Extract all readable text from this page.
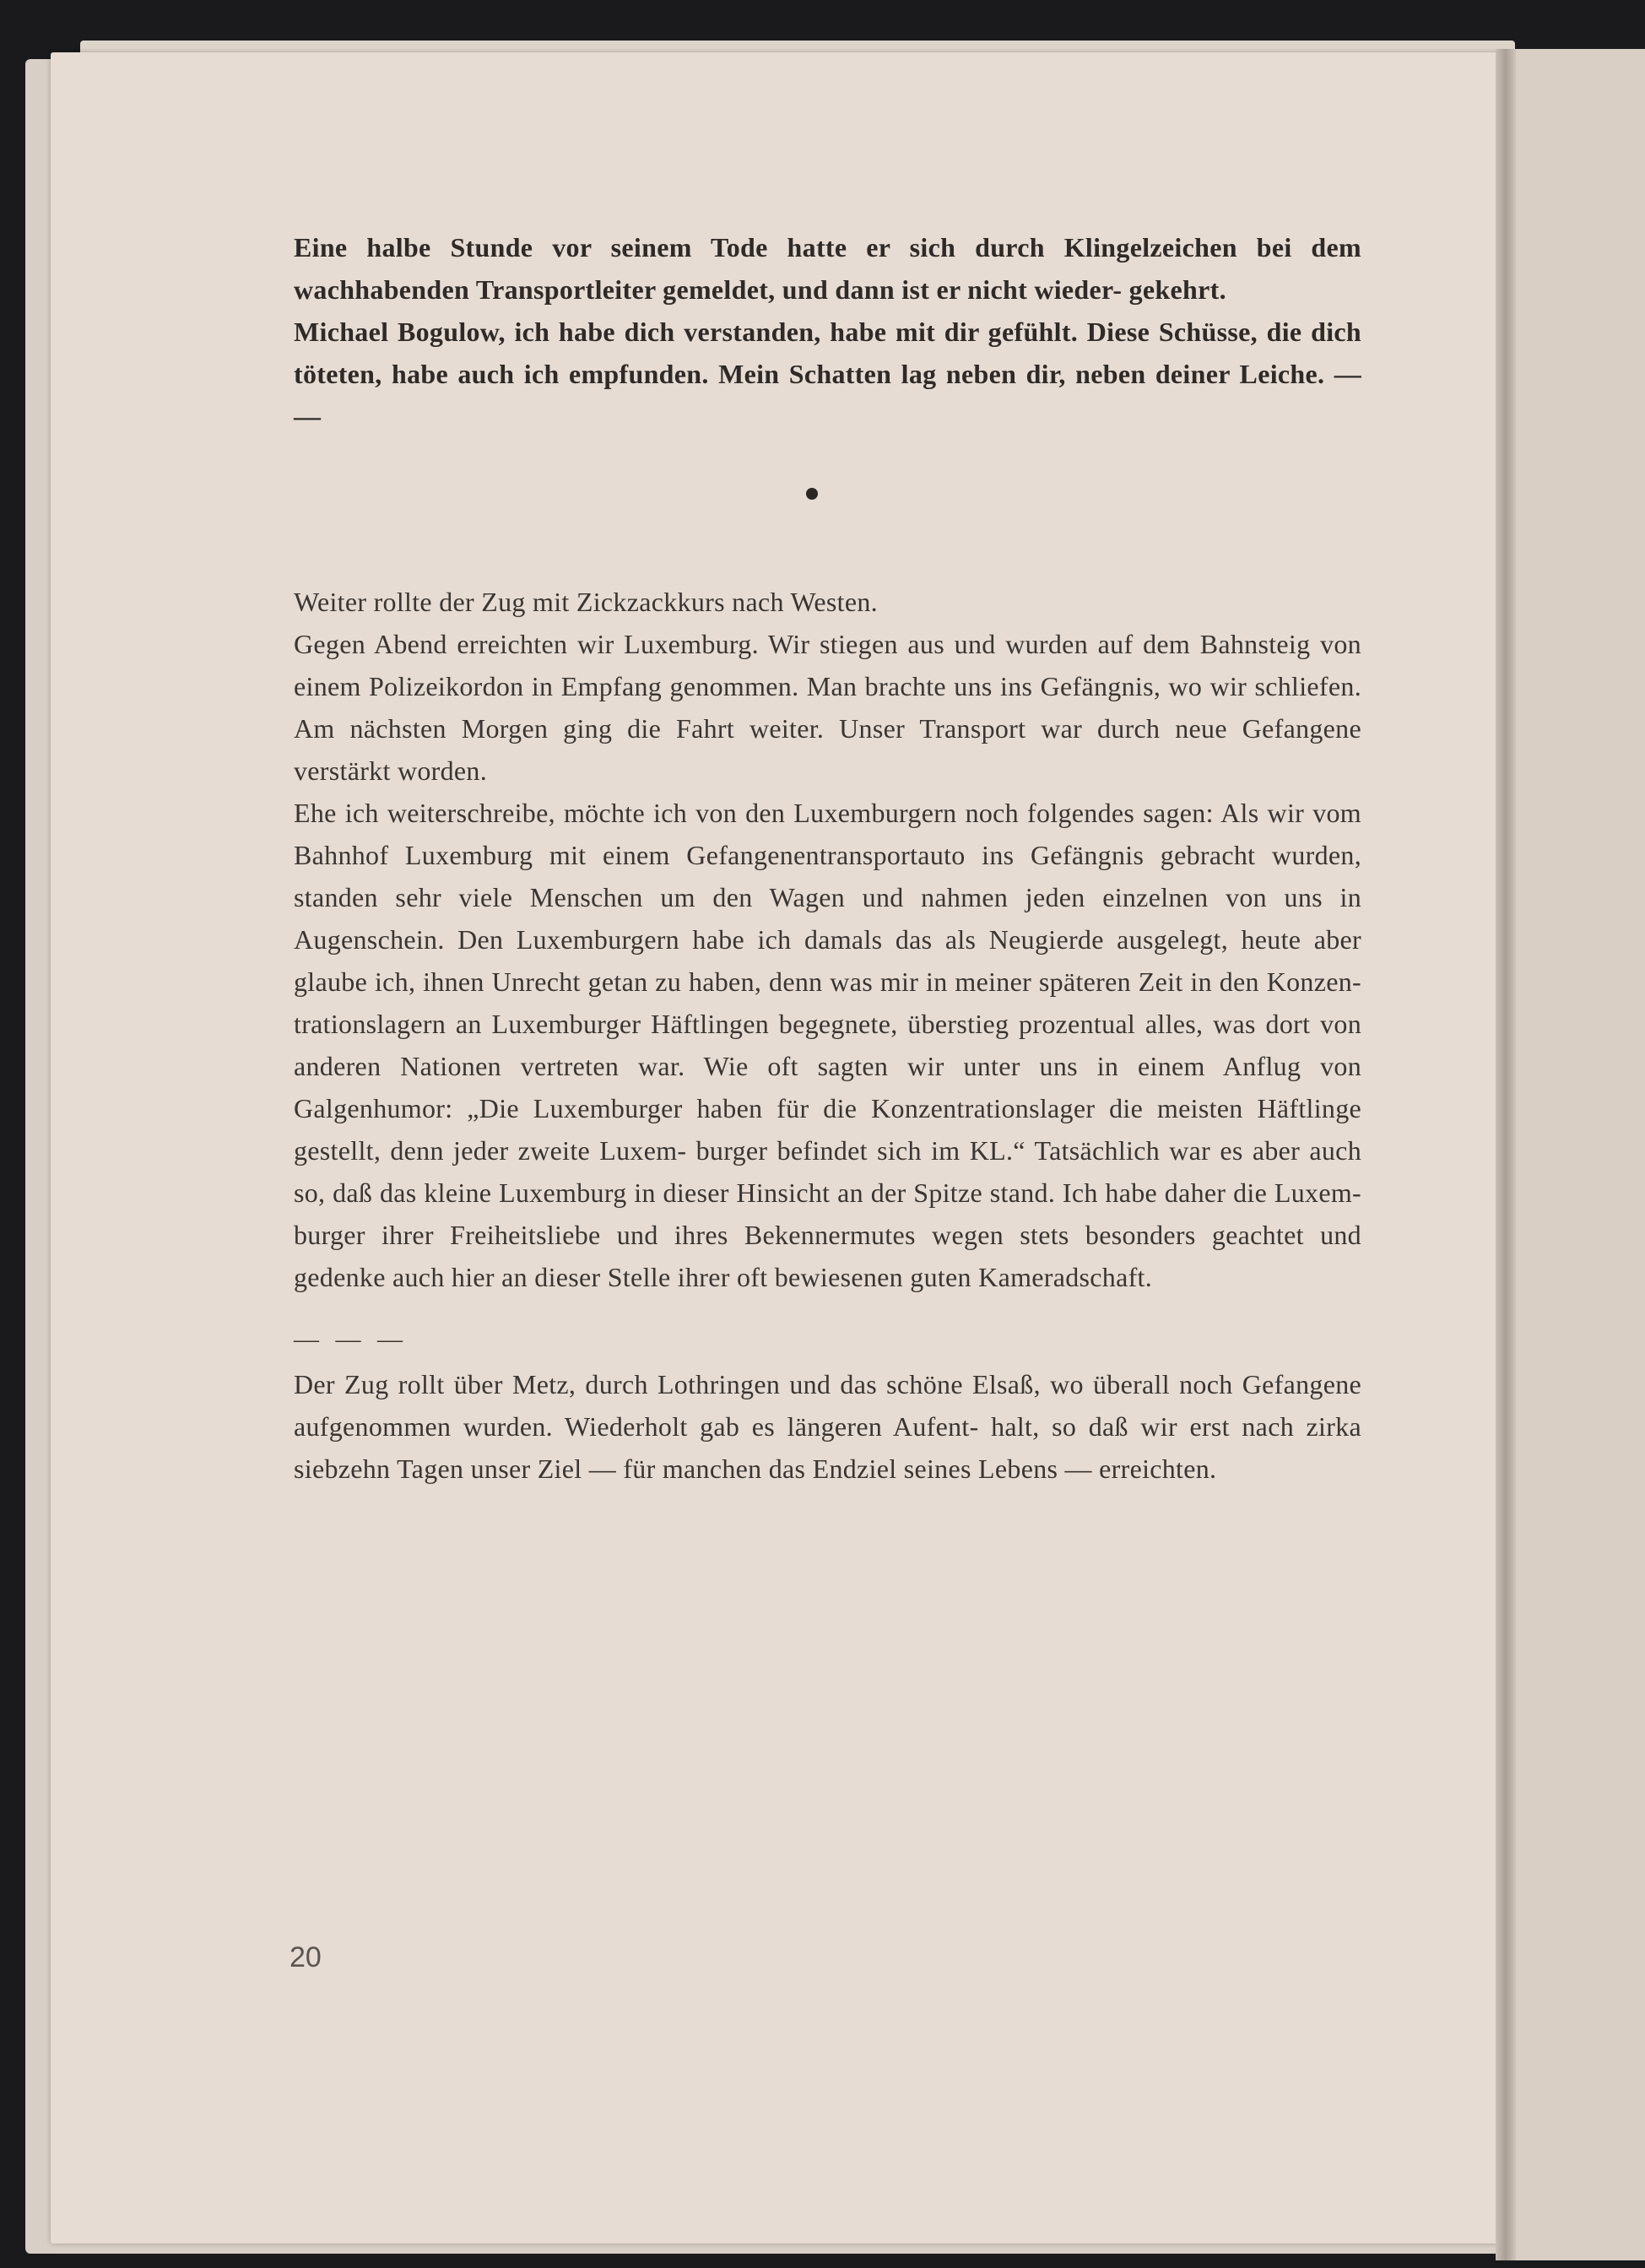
Eine halbe Stunde vor seinem Tode hatte er sich durch Klingelzeichen bei dem wachhabenden Transportleiter gemeldet, und dann ist er nicht wieder- gekehrt.

Michael Bogulow, ich habe dich verstanden, habe mit dir gefühlt. Diese Schüsse, die dich töteten, habe auch ich empfunden. Mein Schatten lag neben dir, neben deiner Leiche. — —

Weiter rollte der Zug mit Zickzackkurs nach Westen.

Gegen Abend erreichten wir Luxemburg. Wir stiegen aus und wurden auf dem Bahnsteig von einem Polizeikordon in Empfang genommen. Man brachte uns ins Gefängnis, wo wir schliefen. Am nächsten Morgen ging die Fahrt weiter. Unser Transport war durch neue Gefangene verstärkt worden.

Ehe ich weiterschreibe, möchte ich von den Luxemburgern noch folgendes sagen: Als wir vom Bahnhof Luxemburg mit einem Gefangenentransportauto ins Gefängnis gebracht wurden, standen sehr viele Menschen um den Wagen und nahmen jeden einzelnen von uns in Augenschein. Den Luxemburgern habe ich damals das als Neugierde ausgelegt, heute aber glaube ich, ihnen Unrecht getan zu haben, denn was mir in meiner späteren Zeit in den Konzen- trationslagern an Luxemburger Häftlingen begegnete, überstieg prozentual alles, was dort von anderen Nationen vertreten war. Wie oft sagten wir unter uns in einem Anflug von Galgenhumor: „Die Luxemburger haben für die Konzentrationslager die meisten Häftlinge gestellt, denn jeder zweite Luxem- burger befindet sich im KL.“ Tatsächlich war es aber auch so, daß das kleine Luxemburg in dieser Hinsicht an der Spitze stand. Ich habe daher die Luxem- burger ihrer Freiheitsliebe und ihres Bekennermutes wegen stets besonders geachtet und gedenke auch hier an dieser Stelle ihrer oft bewiesenen guten Kameradschaft.

— — —

Der Zug rollt über Metz, durch Lothringen und das schöne Elsaß, wo überall noch Gefangene aufgenommen wurden. Wiederholt gab es längeren Aufent- halt, so daß wir erst nach zirka siebzehn Tagen unser Ziel — für manchen das Endziel seines Lebens — erreichten.

20
